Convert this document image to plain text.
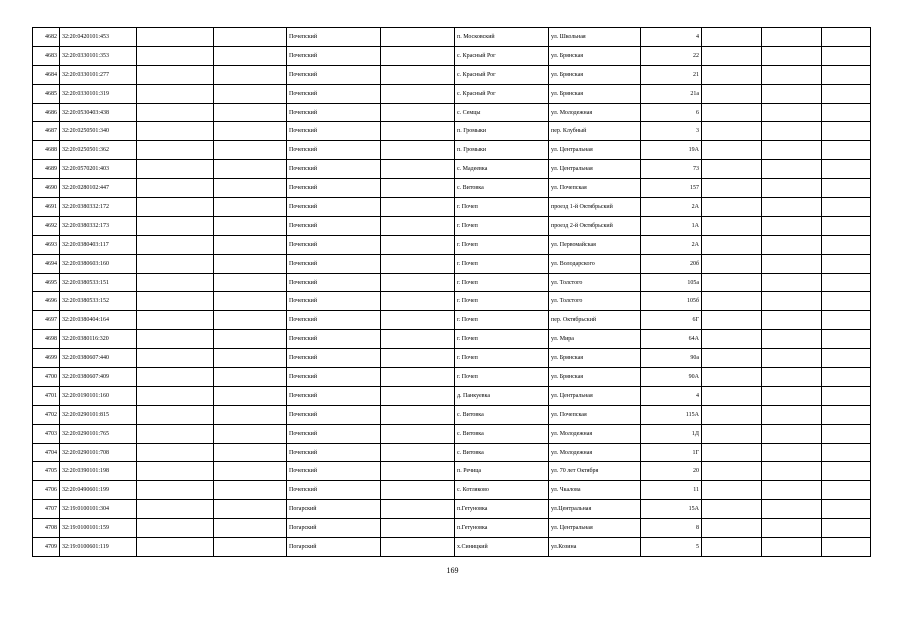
4682	32:20:0420101:453			Почепский		п. Московский	ул. Школьная	4			
4683	32:20:0330101:353			Почепский		с. Красный Рог	ул. Брянская	22			
4684	32:20:0330101:277			Почепский		с. Красный Рог	ул. Брянская	21			
4685	32:20:0330101:319			Почепский		с. Красный Рог	ул. Брянская	21а			
4686	32:20:0530403:438			Почепский		с. Семцы	ул. Молодежная	6			
4687	32:20:0250501:340			Почепский		п. Громыки	пер. Клубный	3			
4688	32:20:0250501:362			Почепский		п. Громыки	ул. Центральная	19А			
4689	32:20:0570201:403			Почепский		с. Мадеевка	ул. Центральная	73			
4690	32:20:0280102:447			Почепский		с. Витовка	ул. Почепская	157			
4691	32:20:0380332:172			Почепский		г. Почеп	проезд 1-й Октябрьский	2А			
4692	32:20:0380332:173			Почепский		г. Почеп	проезд 2-й Октябрьский	1А			
4693	32:20:0380403:117			Почепский		г. Почеп	ул. Первомайская	2А			
4694	32:20:0380603:160			Почепский		г. Почеп	ул. Володарского	20б			
4695	32:20:0380533:151			Почепский		г. Почеп	ул. Толстого	105а			
4696	32:20:0380533:152			Почепский		г. Почеп	ул. Толстого	105б			
4697	32:20:0380404:164			Почепский		г. Почеп	пер. Октябрьский	6Г			
4698	32:20:0380116:320			Почепский		г. Почеп	ул. Мира	64А			
4699	32:20:0380607:440			Почепский		г. Почеп	ул. Брянская	90а			
4700	32:20:0380607:409			Почепский		г. Почеп	ул. Брянская	90А			
4701	32:20:0190101:160			Почепский		д. Панкуевка	ул. Центральная	4			
4702	32:20:0290101:815			Почепский		с. Витовка	ул. Почепская	115А			
4703	32:20:0290101:765			Почепский		с. Витовка	ул. Молодежная	1Д			
4704	32:20:0290101:708			Почепский		с. Витовка	ул. Молодежная	1Г			
4705	32:20:0390101:198			Почепский		п. Речица	ул. 70 лет Октября	20			
4706	32:20:0490601:199			Почепский		с. Котляково	ул. Чкалова	11			
4707	32:19:0100101:304			Погарский		п.Гетуновка	ул.Центральная	15А			
4708	32:19:0100101:159			Погарский		п.Гетуновка	ул. Центральная	8			
4709	32:19:0100601:119			Погарский		х.Синицкий	ул.Козина	5			
169
